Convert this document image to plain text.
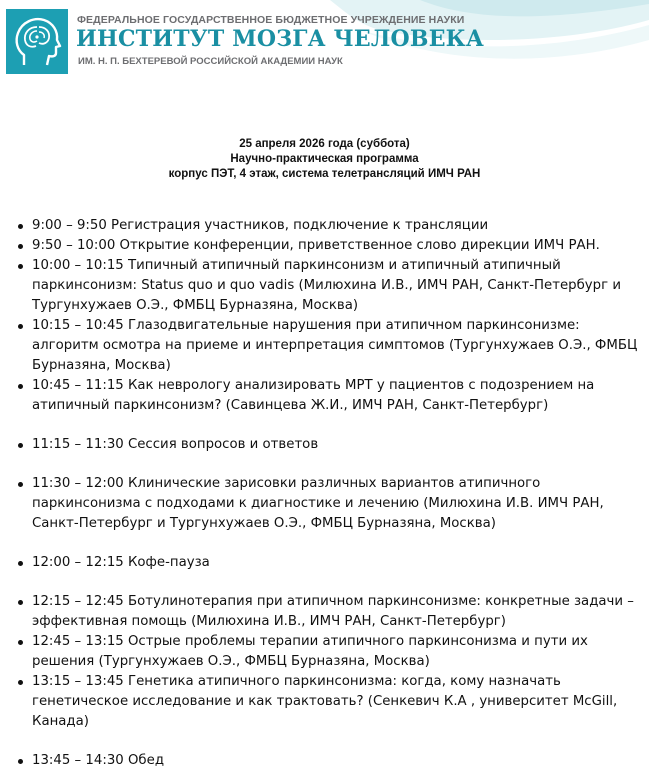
ФЕДЕРАЛЬНОЕ ГОСУДАРСТВЕННОЕ БЮДЖЕТНОЕ УЧРЕЖДЕНИЕ НАУКИ
ИНСТИТУТ МОЗГА ЧЕЛОВЕКА
ИМ. Н. П. БЕХТЕРЕВОЙ РОССИЙСКОЙ АКАДЕМИИ НАУК
25 апреля 2026 года (суббота)
Научно-практическая программа
корпус ПЭТ, 4 этаж, система телетрансляций ИМЧ РАН
9:00 – 9:50 Регистрация участников, подключение к трансляции
9:50 – 10:00 Открытие конференции, приветственное слово дирекции ИМЧ РАН.
10:00 – 10:15 Типичный атипичный паркинсонизм и атипичный атипичный
паркинсонизм: Status quo и quo vadis (Милюхина И.В., ИМЧ РАН, Санкт-Петербург и
Тургунхужаев О.Э., ФМБЦ Бурназяна, Москва)
10:15 – 10:45 Глазодвигательные нарушения при атипичном паркинсонизме:
алгоритм осмотра на приеме и интерпретация симптомов (Тургунхужаев О.Э., ФМБЦ
Бурназяна, Москва)
10:45 – 11:15 Как неврологу анализировать МРТ у пациентов с подозрением на
атипичный паркинсонизм? (Савинцева Ж.И., ИМЧ РАН, Санкт-Петербург)
11:15 – 11:30 Сессия вопросов и ответов
11:30 – 12:00 Клинические зарисовки различных вариантов атипичного
паркинсонизма с подходами к диагностике и лечению (Милюхина И.В. ИМЧ РАН,
Санкт-Петербург и Тургунхужаев О.Э., ФМБЦ Бурназяна, Москва)
12:00 – 12:15 Кофе-пауза
12:15 – 12:45 Ботулинотерапия при атипичном паркинсонизме: конкретные задачи –
эффективная помощь (Милюхина И.В., ИМЧ РАН, Санкт-Петербург)
12:45 – 13:15 Острые проблемы терапии атипичного паркинсонизма и пути их
решения (Тургунхужаев О.Э., ФМБЦ Бурназяна, Москва)
13:15 – 13:45 Генетика атипичного паркинсонизма: когда, кому назначать
генетическое исследование и как трактовать? (Сенкевич К.А , университет McGill,
Канада)
13:45 – 14:30 Обед
